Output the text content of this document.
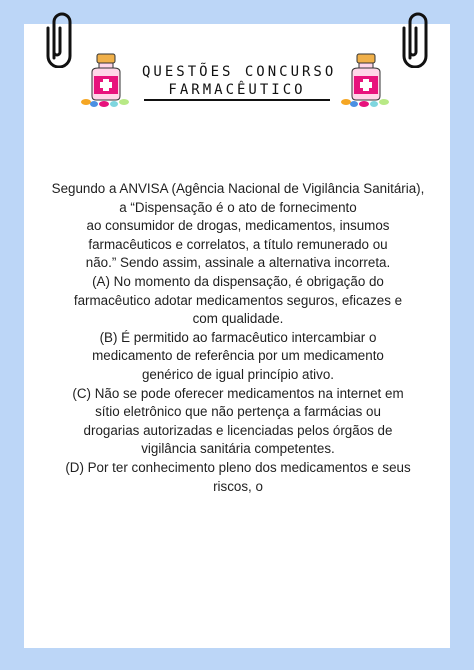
QUESTÕES CONCURSO
FARMACÊUTICO
Segundo a ANVISA (Agência Nacional de Vigilância Sanitária),
a “Dispensação é o ato de fornecimento
ao consumidor de drogas, medicamentos, insumos
farmacêuticos e correlatos, a título remunerado ou
não.” Sendo assim, assinale a alternativa incorreta.
(A) No momento da dispensação, é obrigação do
farmacêutico adotar medicamentos seguros, eficazes e
com qualidade.
(B) É permitido ao farmacêutico intercambiar o
medicamento de referência por um medicamento
genérico de igual princípio ativo.
(C) Não se pode oferecer medicamentos na internet em
sítio eletrônico que não pertença a farmácias ou
drogarias autorizadas e licenciadas pelos órgãos de
vigilância sanitária competentes.
(D) Por ter conhecimento pleno dos medicamentos e seus
riscos, o
